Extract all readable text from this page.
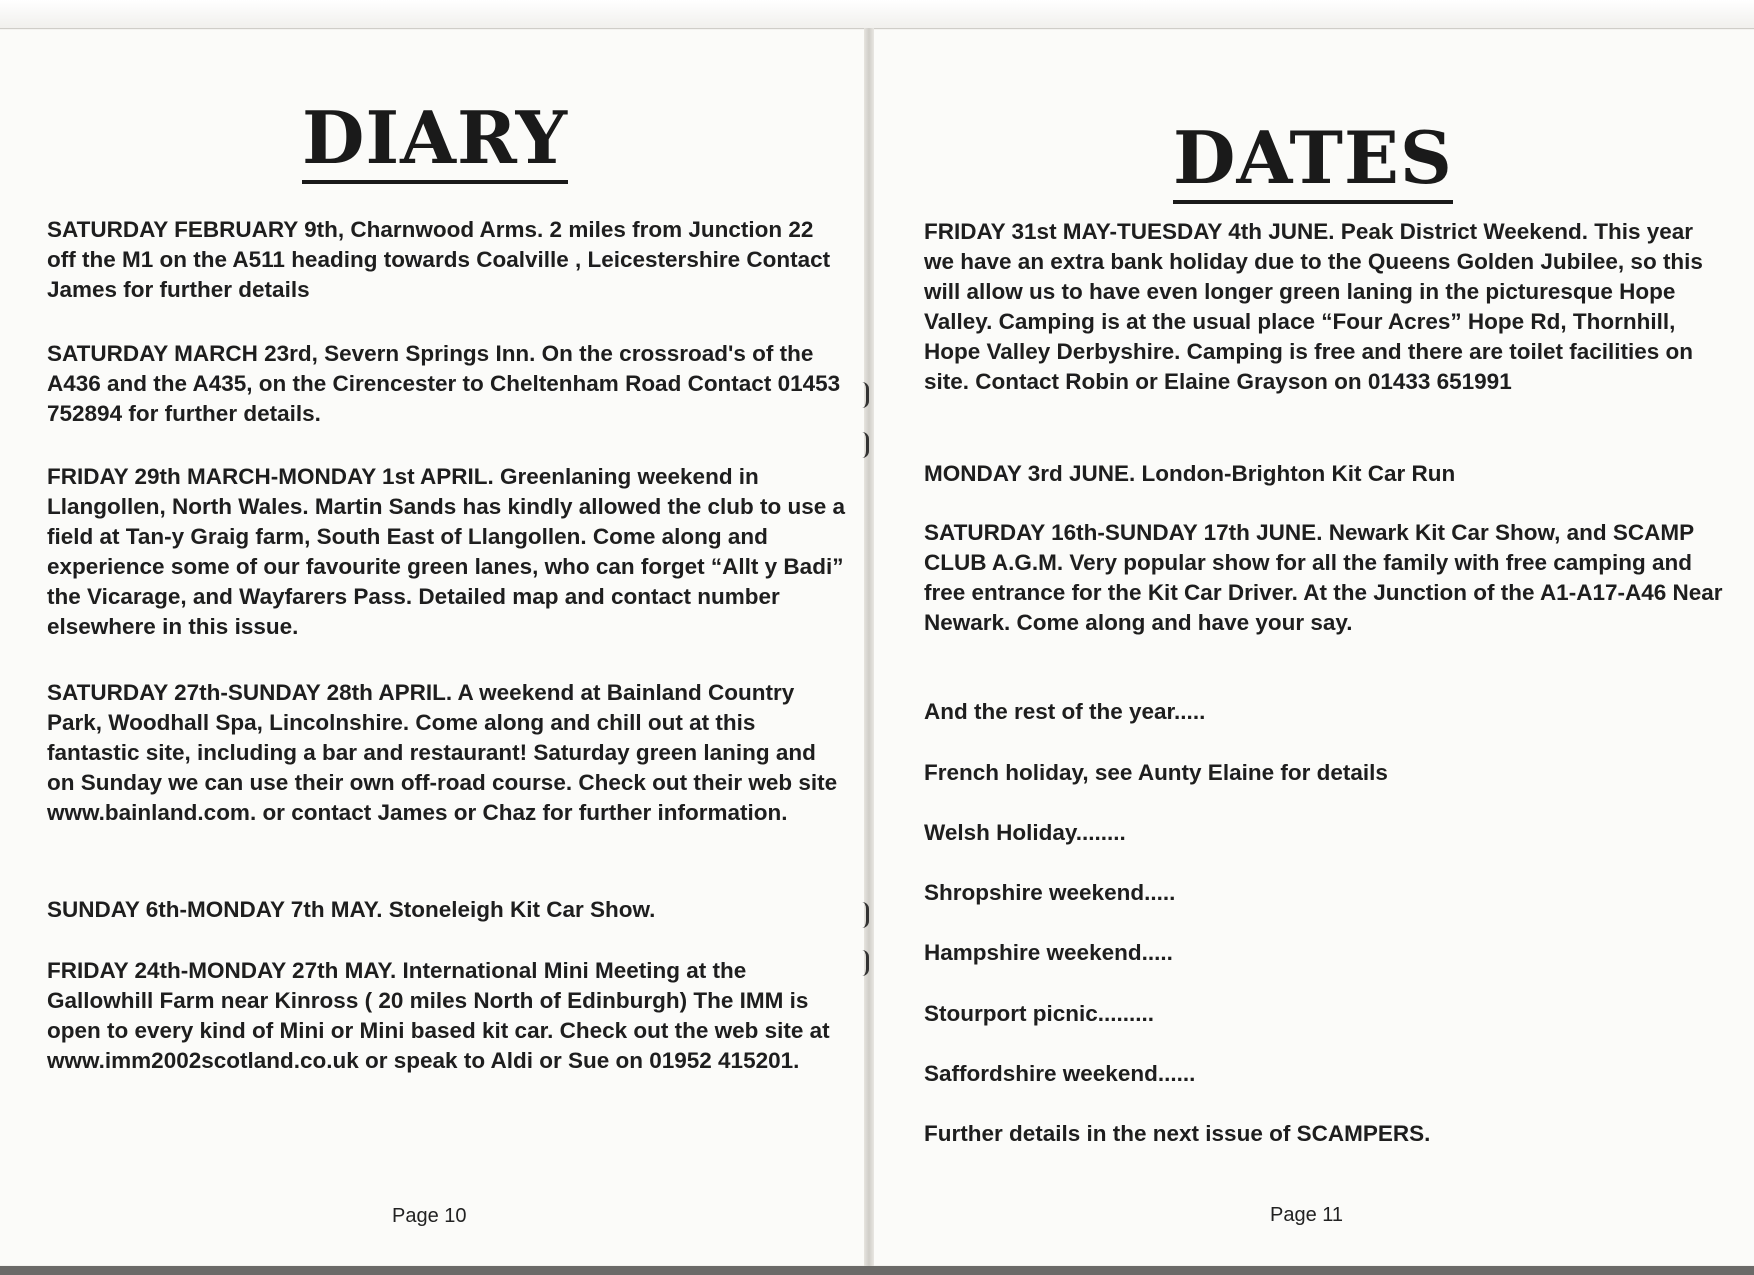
DIARY

SATURDAY FEBRUARY 9th, Charnwood Arms. 2 miles from Junction 22 off the M1 on the A511 heading towards Coalville , Leicestershire Contact James for further details

SATURDAY MARCH 23rd, Severn Springs Inn. On the crossroad's of the A436 and the A435, on the Cirencester to Cheltenham Road Contact 01453 752894 for further details.

FRIDAY 29th MARCH-MONDAY 1st APRIL. Greenlaning weekend in Llangollen, North Wales. Martin Sands has kindly allowed the club to use a field at Tan-y Graig farm, South East of Llangollen. Come along and experience some of our favourite green lanes, who can forget “Allt y Badi” the Vicarage, and Wayfarers Pass. Detailed map and contact number elsewhere in this issue.

SATURDAY 27th-SUNDAY 28th APRIL. A weekend at Bainland Country Park, Woodhall Spa, Lincolnshire. Come along and chill out at this fantastic site, including a bar and restaurant! Saturday green laning and on Sunday we can use their own off-road course. Check out their web site www.bainland.com. or contact James or Chaz for further information.

SUNDAY 6th-MONDAY 7th MAY. Stoneleigh Kit Car Show.

FRIDAY 24th-MONDAY 27th MAY. International Mini Meeting at the Gallowhill Farm near Kinross ( 20 miles North of Edinburgh) The IMM is open to every kind of Mini or Mini based kit car. Check out the web site at www.imm2002scotland.co.uk or speak to Aldi or Sue on 01952 415201.

Page 10

DATES

FRIDAY 31st MAY-TUESDAY 4th JUNE. Peak District Weekend. This year we have an extra bank holiday due to the Queens Golden Jubilee, so this will allow us to have even longer green laning in the picturesque Hope Valley. Camping is at the usual place “Four Acres” Hope Rd, Thornhill, Hope Valley Derbyshire. Camping is free and there are toilet facilities on site. Contact Robin or Elaine Grayson on 01433 651991

MONDAY 3rd JUNE. London-Brighton Kit Car Run

SATURDAY 16th-SUNDAY 17th JUNE. Newark Kit Car Show, and SCAMP CLUB A.G.M. Very popular show for all the family with free camping and free entrance for the Kit Car Driver. At the Junction of the A1-A17-A46 Near Newark. Come along and have your say.

And the rest of the year.....

French holiday, see Aunty Elaine for details

Welsh Holiday........

Shropshire weekend.....

Hampshire weekend.....

Stourport picnic.........

Saffordshire weekend......

Further details in the next issue of SCAMPERS.

Page 11
